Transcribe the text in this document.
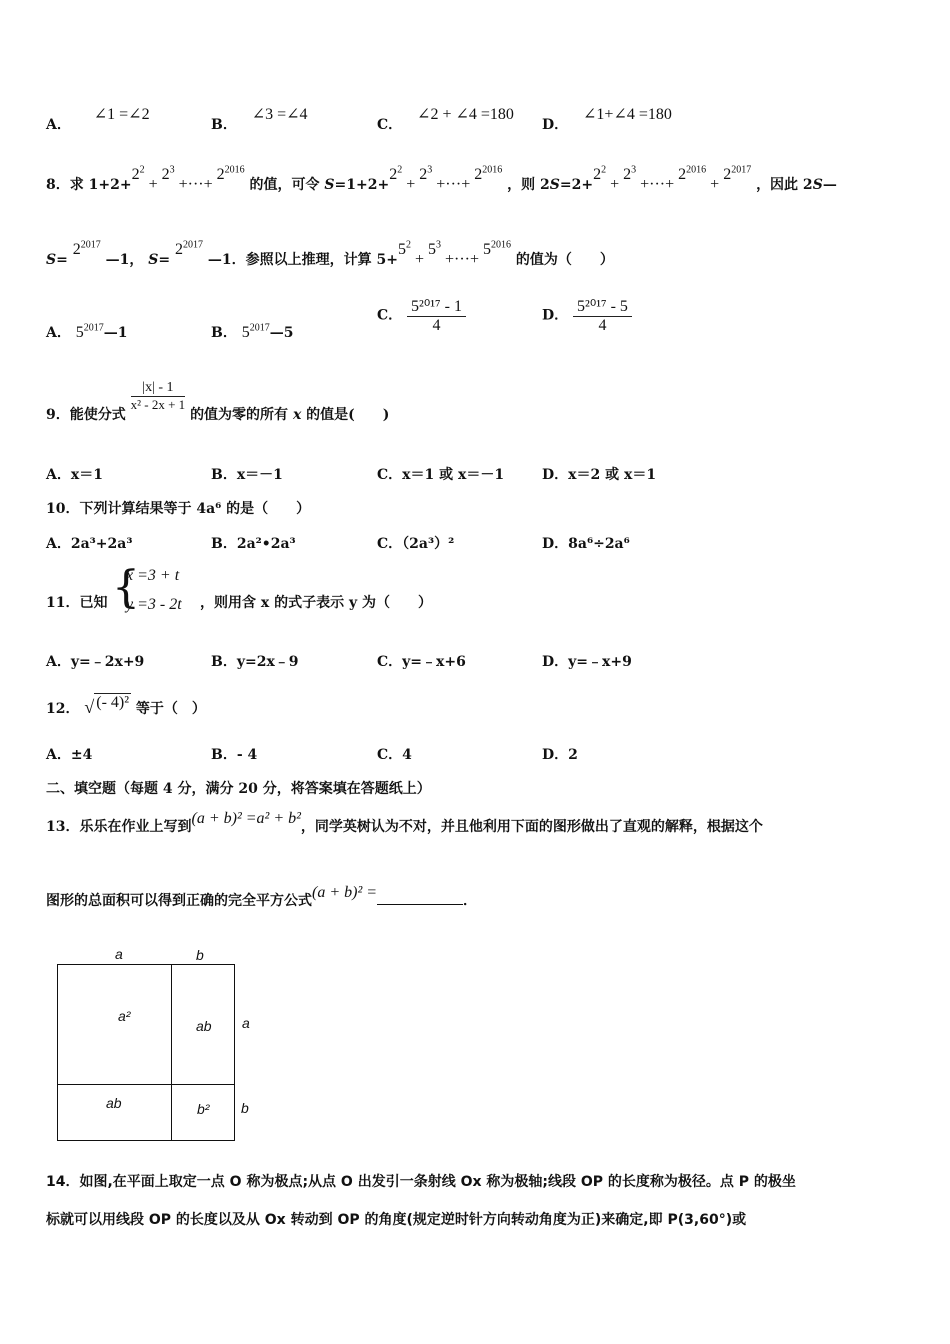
A． ∠1 =∠2
B． ∠3 =∠4
C． ∠2 + ∠4 =180
D． ∠1+∠4 =180
8．求 $1+2+2^2 + 2^3$ +···+ $2^{2016}$ 的值，可令 $S=1+2+2^2 + 2^3$ +···+ $2^{2016}$ ，则 $2S=2+2^2 + 2^3$ +···+ $2^{2016} + 2^{2017}$ ，因此 2S—
$S= 2^{2017}$ —1， $S= 2^{2017}$ —1．参照以上推理，计算 $5+5^2 + 5^3$ +···+ $5^{2016}$ 的值为（　　）
A． $5^{2017}—1$	B． $5^{2017}—5$
C． $\frac{\text{5²⁰¹⁷ - 1}}{4}$	D． $\frac{\text{5²⁰¹⁷ - 5}}{4}$
9．能使分式
$\frac{|x| - 1}{\text{x² - 2x + 1}}$
的值为零的所有 x 的值是(　　)
A．x＝1	B．x＝－1	C．x＝1 或 x＝－1	D．x＝2 或 x＝1
10．下列计算结果等于 4a⁶ 的是（　　）
A．2a³+2a³	B．2a²•2a³	C．（2a³）²	D．8a⁶÷2a⁶
11．已知 {
x =3 + t
y =3 - 2t ，则用含 x 的式子表示 y 为（　　）
A．y=﹣2x+9	B．y=2x﹣9	C．y=﹣x+6	D．y=﹣x+9
12． √ (- 4)² 等于（　）
A．±4	B．- 4	C．4	D．2
二、填空题（每题 4 分，满分 20 分，将答案填在答题纸上）
13．乐乐在作业上写到(a + b)² =a² + b²，同学英树认为不对，并且他利用下面的图形做出了直观的解释，根据这个
图形的总面积可以得到正确的完全平方公式(a + b)² =	．
a	b
a²
ab
ab	b²
a
b
14．如图,在平面上取定一点 O 称为极点;从点 O 出发引一条射线 Ox 称为极轴;线段 OP 的长度称为极径。点 P 的极坐
标就可以用线段 OP 的长度以及从 Ox 转动到 OP 的角度(规定逆时针方向转动角度为正)来确定,即 P(3,60°)或
